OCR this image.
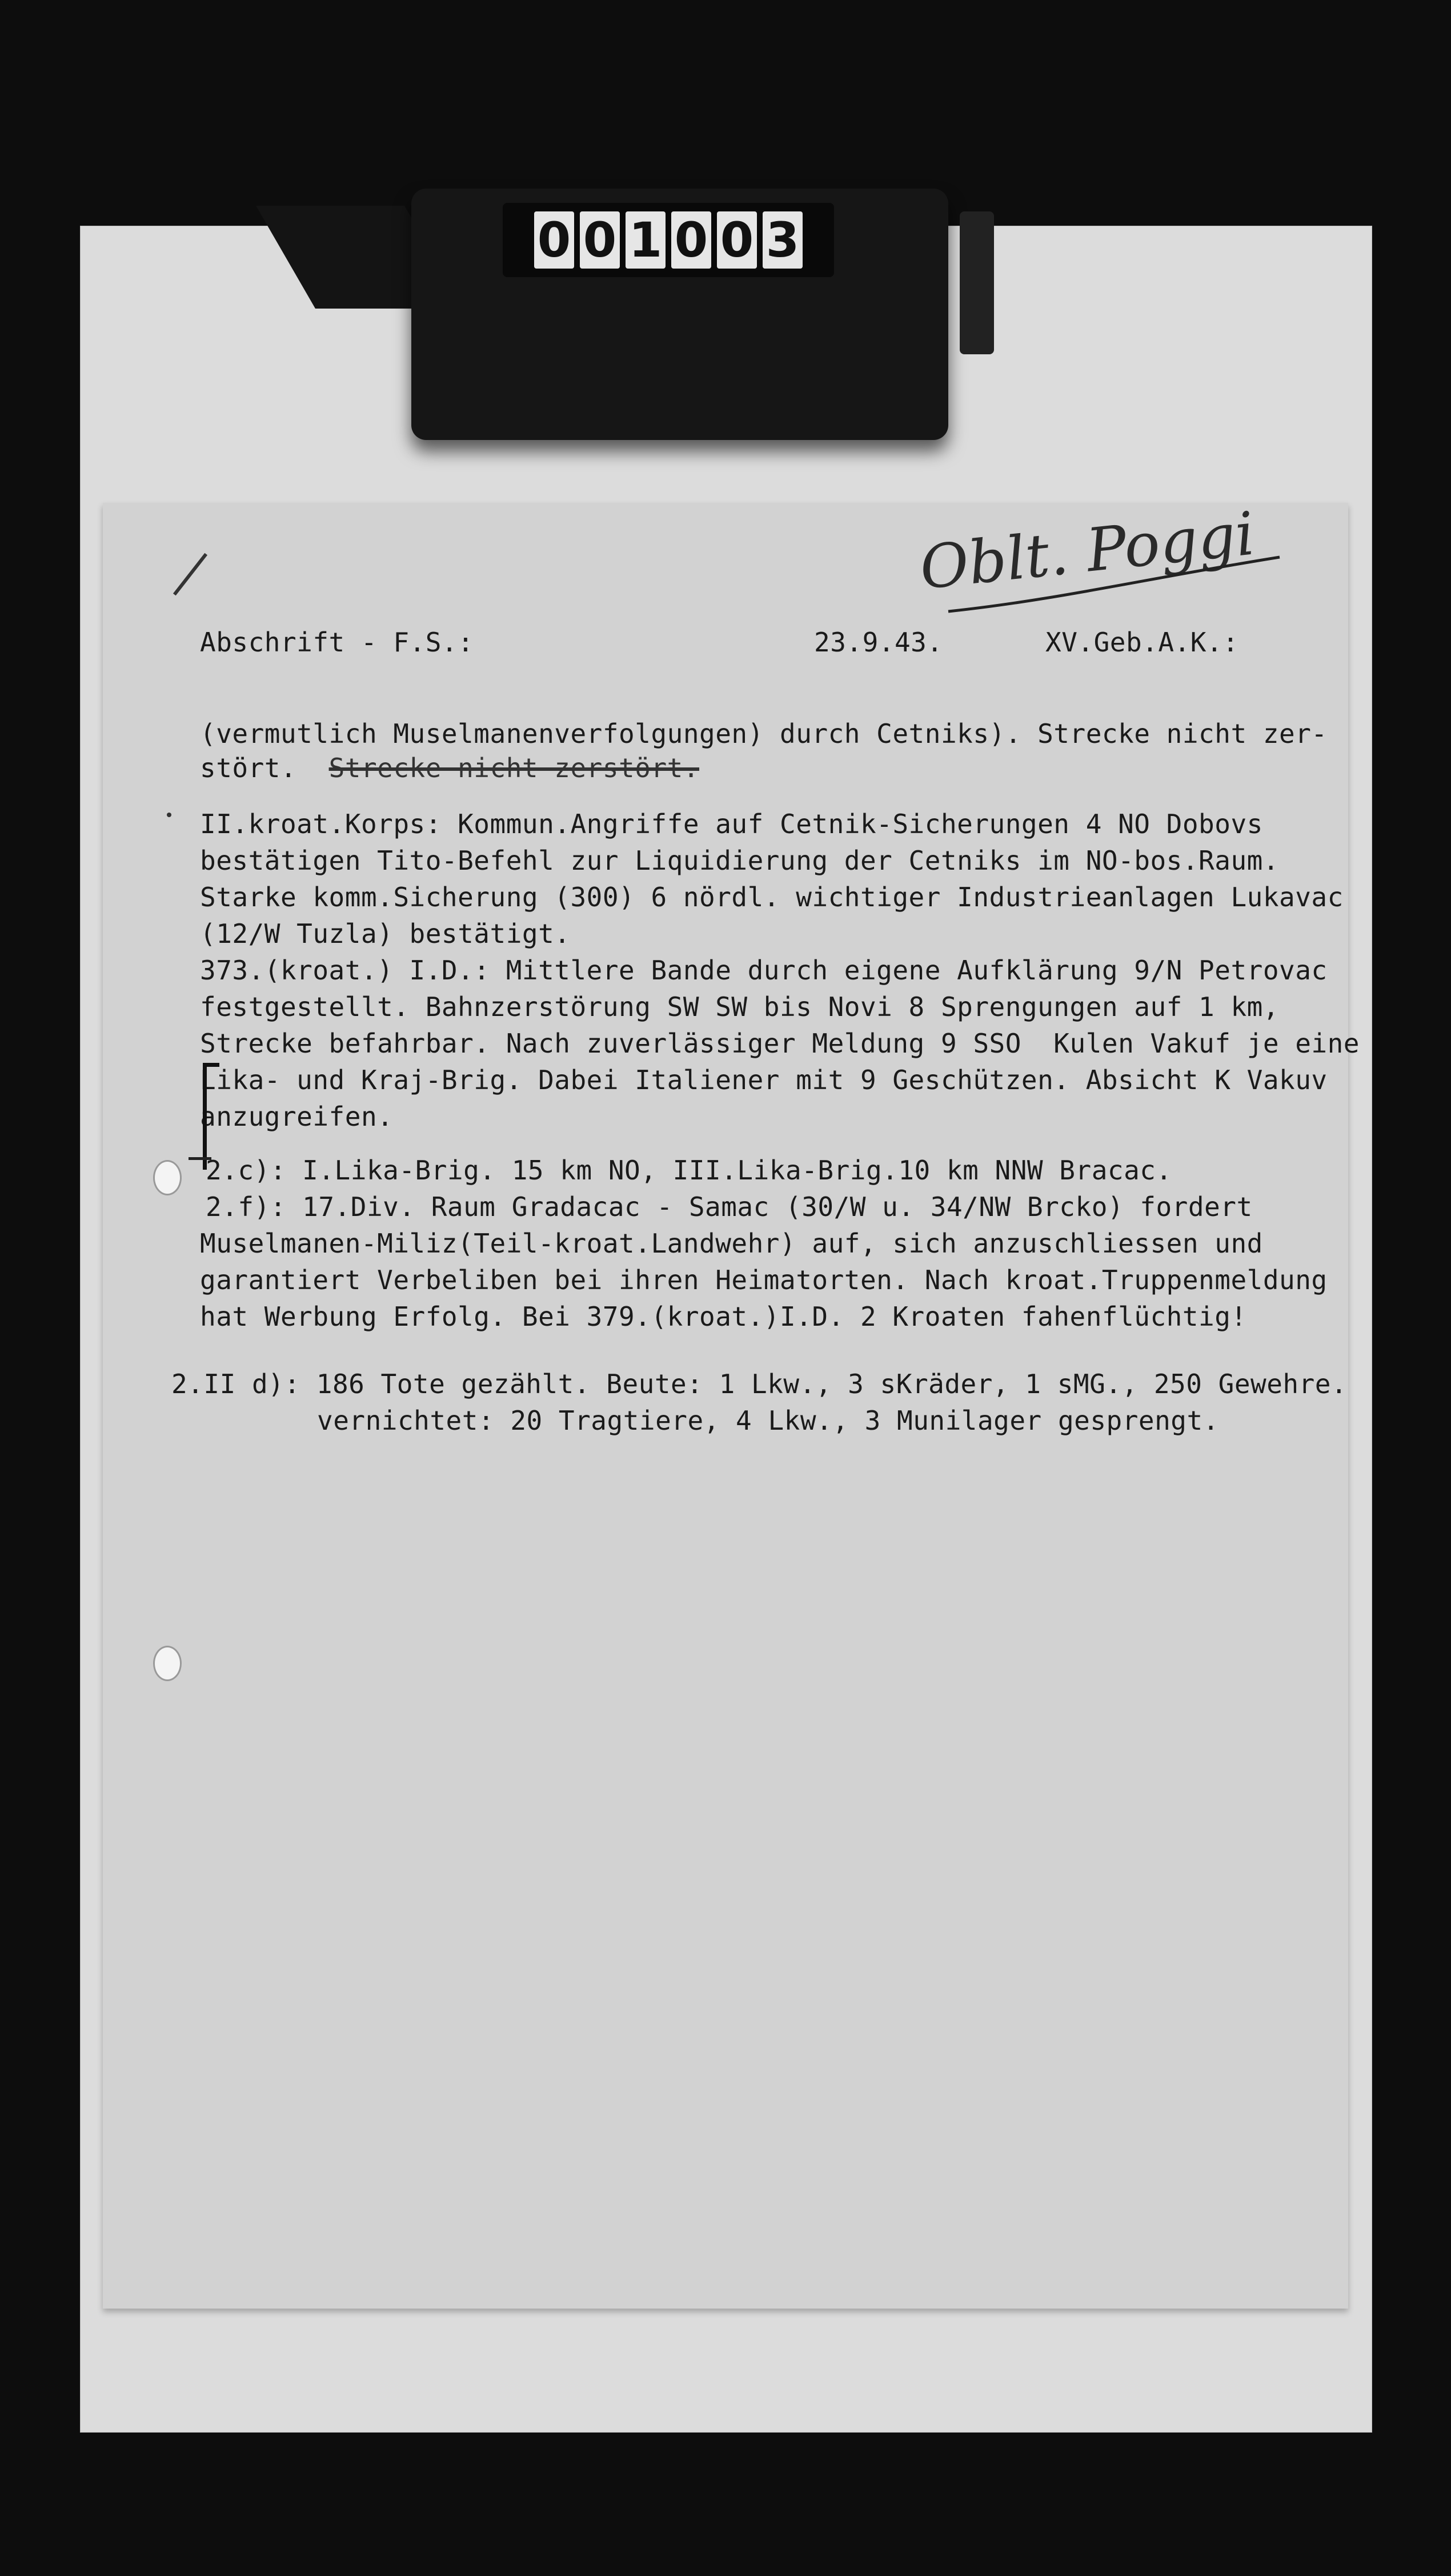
0 0 1 0 0 3
Oblt. Poggi

Abschrift - F.S.:	23.9.43.	XV.Geb.A.K.:

(vermutlich Muselmanenverfolgungen) durch Cetniks). Strecke nicht zer-

stört. Strecke nicht zerstört.

II.kroat.Korps: Kommun.Angriffe auf Cetnik-Sicherungen 4 NO Dobovs

bestätigen Tito-Befehl zur Liquidierung der Cetniks im NO-bos.Raum.

Starke komm.Sicherung (300) 6 nördl. wichtiger Industrieanlagen Lukavac

(12/W Tuzla) bestätigt.

373.(kroat.) I.D.: Mittlere Bande durch eigene Aufklärung 9/N Petrovac

festgestellt. Bahnzerstörung SW SW bis Novi 8 Sprengungen auf 1 km,

Strecke befahrbar. Nach zuverlässiger Meldung 9 SSO  Kulen Vakuf je eine

Lika- und Kraj-Brig. Dabei Italiener mit 9 Geschützen. Absicht K Vakuv

anzugreifen.

2.c): I.Lika-Brig. 15 km NO, III.Lika-Brig.10 km NNW Bracac.

2.f): 17.Div. Raum Gradacac - Samac (30/W u. 34/NW Brcko) fordert

Muselmanen-Miliz(Teil-kroat.Landwehr) auf, sich anzuschliessen und

garantiert Verbeliben bei ihren Heimatorten. Nach kroat.Truppenmeldung

hat Werbung Erfolg. Bei 379.(kroat.)I.D. 2 Kroaten fahenflüchtig!

2.II d): 186 Tote gezählt. Beute: 1 Lkw., 3 sKräder, 1 sMG., 250 Gewehre.

vernichtet: 20 Tragtiere, 4 Lkw., 3 Munilager gesprengt.
